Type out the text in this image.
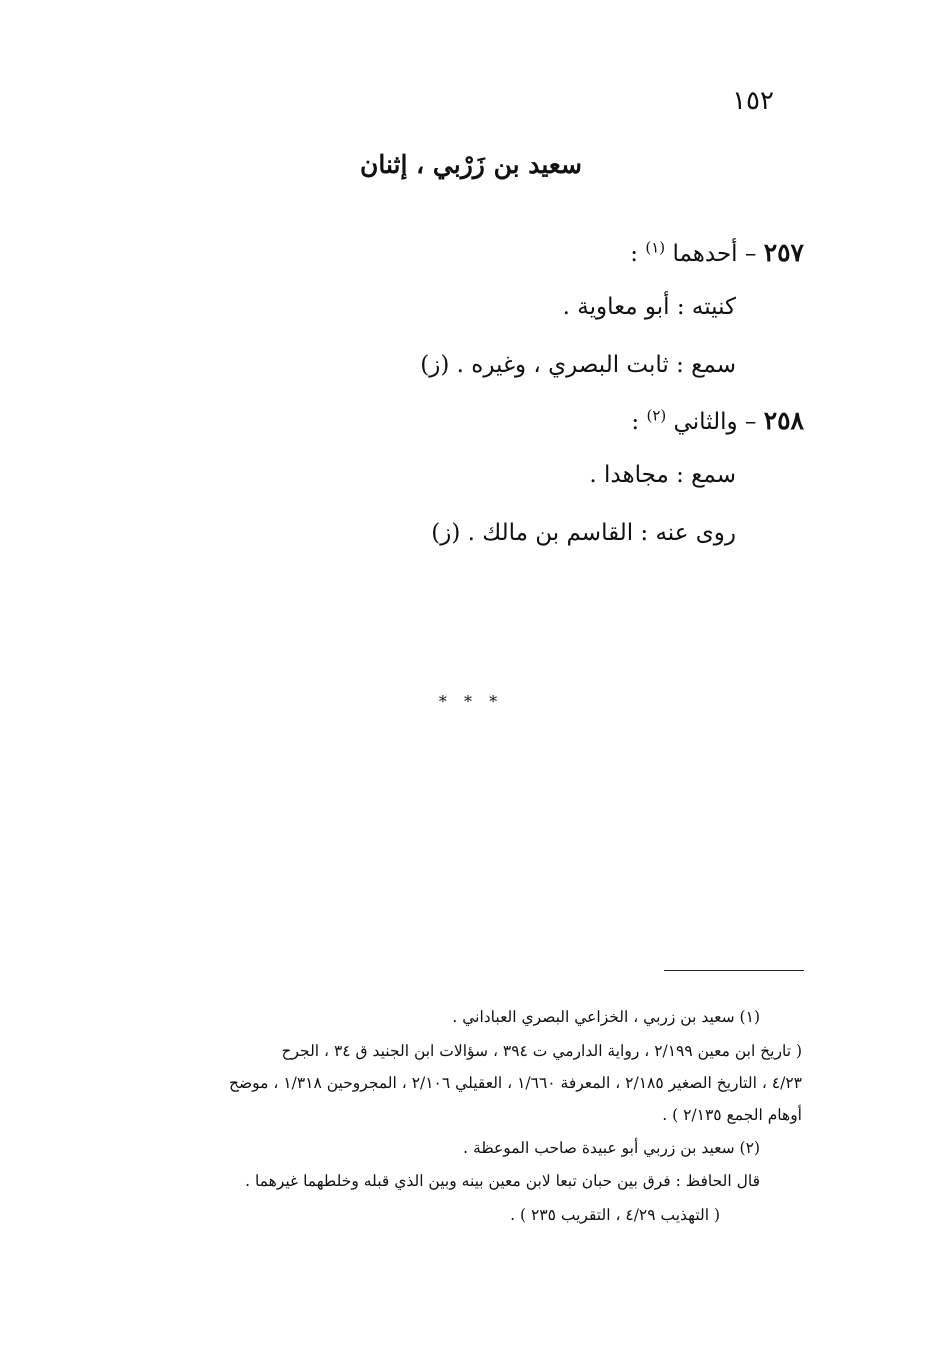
١٥٢
سعيد بن زَرْبي ، إثنان
٢٥٧ – أحدهما $^{(١)}$ :
كنيته : أبو معاوية .
سمع : ثابت البصري ، وغيره . (ز)
٢٥٨ – والثاني $^{(٢)}$ :
سمع : مجاهدا .
روى عنه : القاسم بن مالك . (ز)
* * *
(١) سعيد بن زربي ، الخزاعي البصري العباداني .
( تاريخ ابن معين ٢/١٩٩ ، رواية الدارمي ت ٣٩٤ ، سؤالات ابن الجنيد ق ٣٤ ، الجرح
٤/٢٣ ، التاريخ الصغير ٢/١٨٥ ، المعرفة ١/٦٦٠ ، العقيلي ٢/١٠٦ ، المجروحين ١/٣١٨ ، موضح
أوهام الجمع ٢/١٣٥ ) .
(٢) سعيد بن زربي أبو عبيدة صاحب الموعظة .
قال الحافظ : فرق بين حبان تبعا لابن معين بينه وبين الذي قبله وخلطهما غيرهما .
( التهذيب ٤/٢٩ ، التقريب ٢٣٥ ) .
